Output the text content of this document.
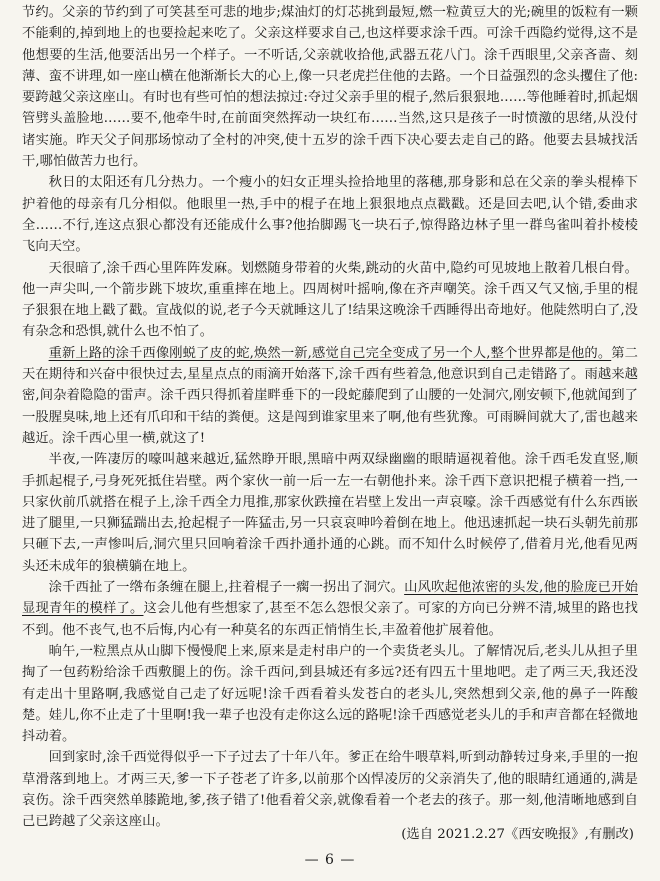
节约。父亲的节约到了可笑甚至可悲的地步;煤油灯的灯芯挑到最短,燃一粒黄豆大的光;碗里的饭粒有一颗不能剩的,掉到地上的也要捡起来吃了。父亲这样要求自己,也这样要求涂千西。可涂千西隐约觉得,这不是他想要的生活,他要活出另一个样子。一不听话,父亲就收拾他,武器五花八门。涂千西眼里,父亲吝啬、刻薄、蛮不讲理,如一座山横在他渐渐长大的心上,像一只老虎拦住他的去路。一个日益强烈的念头攫住了他:要跨越父亲这座山。有时也有些可怕的想法掠过:夺过父亲手里的棍子,然后狠狠地……等他睡着时,抓起烟管劈头盖脸地……要不,他牵牛时,在前面突然挥动一块红布……当然,这只是孩子一时愤激的思绪,从没付诸实施。昨天父子间那场惊动了全村的冲突,使十五岁的涂千西下决心要去走自己的路。他要去县城找活干,哪怕做苦力也行。

秋日的太阳还有几分热力。一个瘦小的妇女正埋头捡拾地里的落穗,那身影和总在父亲的拳头棍棒下护着他的母亲有几分相似。他眼里一热,手中的棍子在地上狠狠地点点戳戳。还是回去吧,认个错,委曲求全……不行,连这点狠心都没有还能成什么事?他抬脚踢飞一块石子,惊得路边林子里一群鸟雀叫着扑棱棱飞向天空。

天很暗了,涂千西心里阵阵发麻。划燃随身带着的火柴,跳动的火苗中,隐约可见坡地上散着几根白骨。他一声尖叫,一个箭步跳下坡坎,重重摔在地上。四周树叶摇响,像在齐声嘲笑。涂千西又气又恼,手里的棍子狠狠在地上戳了戳。宣战似的说,老子今天就睡这儿了!结果这晚涂千西睡得出奇地好。他陡然明白了,没有杂念和恐惧,就什么也不怕了。

重新上路的涂千西像刚蜕了皮的蛇,焕然一新,感觉自己完全变成了另一个人,整个世界都是他的。第二天在期待和兴奋中很快过去,星星点点的雨滴开始落下,涂千西有些着急,他意识到自己走错路了。雨越来越密,间杂着隐隐的雷声。涂千西只得抓着崖畔垂下的一段蛇藤爬到了山腰的一处洞穴,刚安顿下,他就闻到了一股腥臭味,地上还有爪印和干结的粪便。这是闯到谁家里来了啊,他有些犹豫。可雨瞬间就大了,雷也越来越近。涂千西心里一横,就这了!

半夜,一阵凄厉的嚎叫越来越近,猛然睁开眼,黑暗中两双绿幽幽的眼睛逼视着他。涂千西毛发直竖,顺手抓起棍子,弓身死死抵住岩壁。两个家伙一前一后一左一右朝他扑来。涂千西下意识把棍子横着一挡,一只家伙前爪就搭在棍子上,涂千西全力甩推,那家伙跌撞在岩壁上发出一声哀嚎。涂千西感觉有什么东西嵌进了腿里,一只狮猛踹出去,抢起棍子一阵猛击,另一只哀哀呻吟着倒在地上。他迅速抓起一块石头朝先前那只砸下去,一声惨叫后,洞穴里只回响着涂千西扑通扑通的心跳。而不知什么时候停了,借着月光,他看见两头还未成年的狼横躺在地上。

涂千西扯了一绺布条缠在腿上,拄着棍子一瘸一拐出了洞穴。山风吹起他浓密的头发,他的脸庞已开始显现青年的模样了。这会儿他有些想家了,甚至不怎么怨恨父亲了。可家的方向已分辨不清,城里的路也找不到。他不丧气,也不后悔,内心有一种莫名的东西正悄悄生长,丰盈着他扩展着他。

晌午,一粒黑点从山脚下慢慢爬上来,原来是走村串户的一个卖货老头儿。了解情况后,老头儿从担子里掏了一包药粉给涂千西敷腿上的伤。涂千西问,到县城还有多远?还有四五十里地吧。走了两三天,我还没有走出十里路啊,我感觉自己走了好远呢!涂千西看着头发苍白的老头儿,突然想到父亲,他的鼻子一阵酸楚。娃儿,你不止走了十里啊!我一辈子也没有走你这么远的路呢!涂千西感觉老头儿的手和声音都在轻微地抖动着。

回到家时,涂千西觉得似乎一下子过去了十年八年。爹正在给牛喂草料,听到动静转过身来,手里的一抱草滑落到地上。才两三天,爹一下子苍老了许多,以前那个凶悍凌厉的父亲消失了,他的眼睛红通通的,满是哀伤。涂千西突然单膝跪地,爹,孩子错了!他看着父亲,就像看着一个老去的孩子。那一刻,他清晰地感到自己已跨越了父亲这座山。

(选自 2021.2.27《西安晚报》,有删改)
— 6 —
